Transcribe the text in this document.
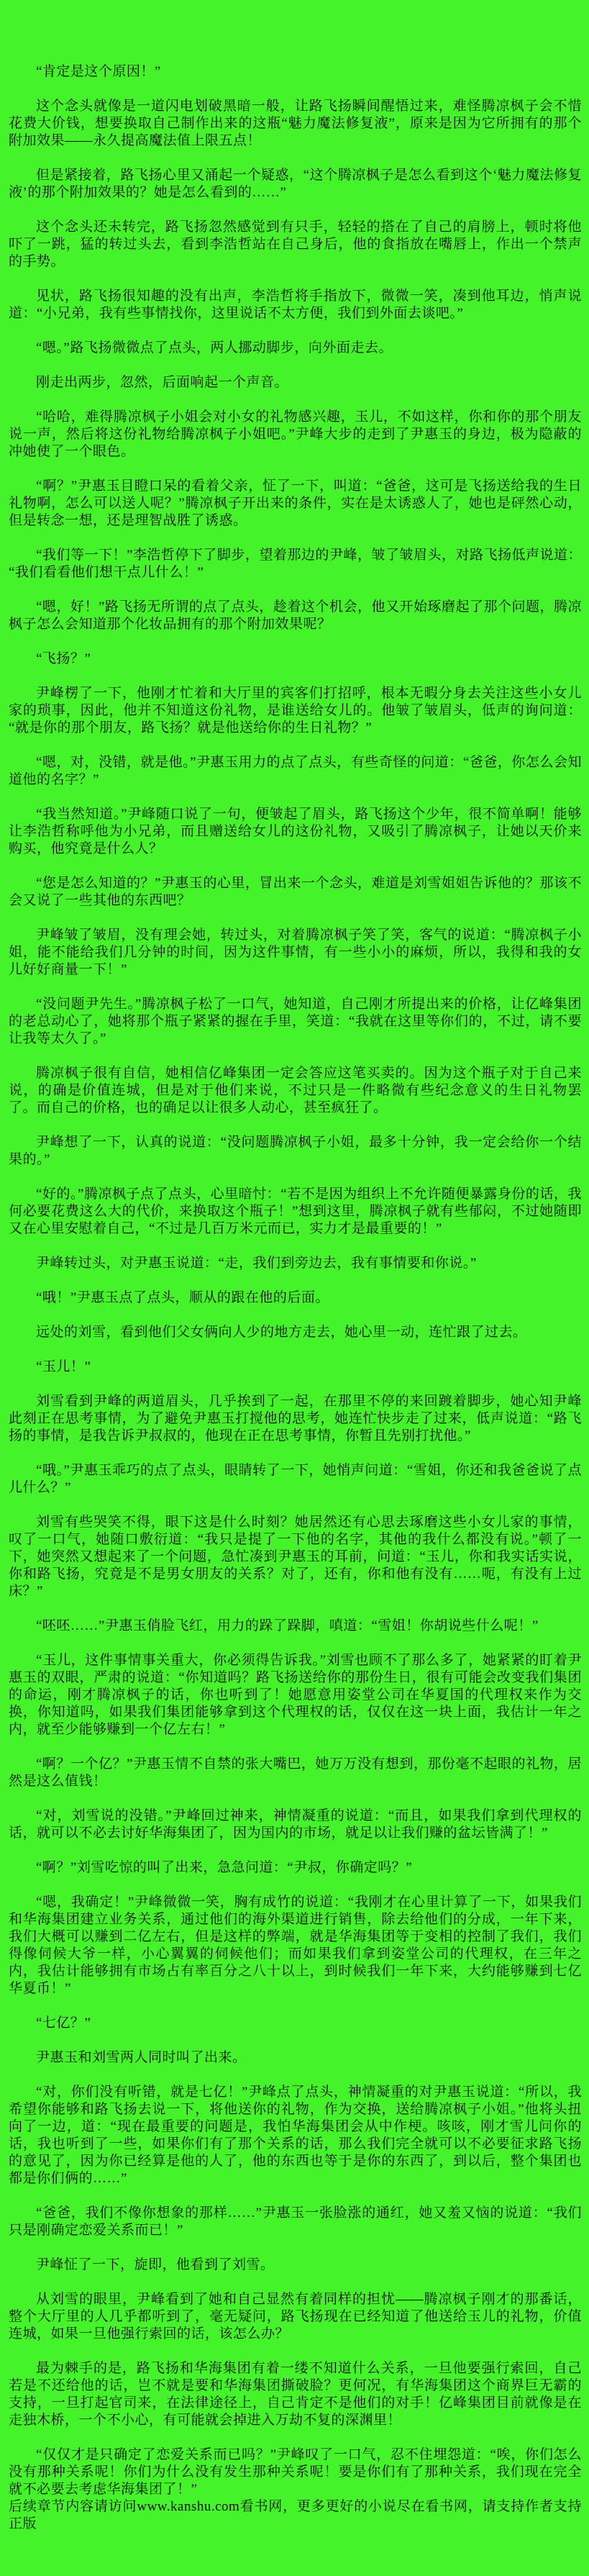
“肯定是这个原因！”

这个念头就像是一道闪电划破黑暗一般，让路飞扬瞬间醒悟过来，难怪腾凉枫子会不惜花费大价钱，想要换取自己制作出来的这瓶“魅力魔法修复液”，原来是因为它所拥有的那个附加效果——永久提高魔法值上限五点！

但是紧接着，路飞扬心里又涌起一个疑惑，“这个腾凉枫子是怎么看到这个‘魅力魔法修复液’的那个附加效果的？她是怎么看到的……”

这个念头还未转完，路飞扬忽然感觉到有只手，轻轻的搭在了自己的肩膀上，顿时将他吓了一跳，猛的转过头去，看到李浩哲站在自己身后，他的食指放在嘴唇上，作出一个禁声的手势。

见状，路飞扬很知趣的没有出声，李浩哲将手指放下，微微一笑，凑到他耳边，悄声说道：“小兄弟，我有些事情找你，这里说话不太方便，我们到外面去谈吧。”

“嗯。”路飞扬微微点了点头，两人挪动脚步，向外面走去。

刚走出两步，忽然，后面响起一个声音。

“哈哈，难得腾凉枫子小姐会对小女的礼物感兴趣，玉儿，不如这样，你和你的那个朋友说一声，然后将这份礼物给腾凉枫子小姐吧。”尹峰大步的走到了尹惠玉的身边，极为隐蔽的冲她使了一个眼色。

“啊？”尹惠玉目瞪口呆的看着父亲，怔了一下，叫道：“爸爸，这可是飞扬送给我的生日礼物啊，怎么可以送人呢？”腾凉枫子开出来的条件，实在是太诱惑人了，她也是砰然心动，但是转念一想，还是理智战胜了诱惑。

“我们等一下！”李浩哲停下了脚步，望着那边的尹峰，皱了皱眉头，对路飞扬低声说道：“我们看看他们想干点儿什么！”

“嗯，好！”路飞扬无所谓的点了点头，趁着这个机会，他又开始琢磨起了那个问题，腾凉枫子怎么会知道那个化妆品拥有的那个附加效果呢？

“飞扬？”

尹峰楞了一下，他刚才忙着和大厅里的宾客们打招呼，根本无暇分身去关注这些小女儿家的琐事，因此，他并不知道这份礼物，是谁送给女儿的。他皱了皱眉头，低声的询问道：“就是你的那个朋友，路飞扬？就是他送给你的生日礼物？”

“嗯，对，没错，就是他。”尹惠玉用力的点了点头，有些奇怪的问道：“爸爸，你怎么会知道他的名字？”

“我当然知道。”尹峰随口说了一句，便皱起了眉头，路飞扬这个少年，很不简单啊！能够让李浩哲称呼他为小兄弟，而且赠送给女儿的这份礼物，又吸引了腾凉枫子，让她以天价来购买，他究竟是什么人？

“您是怎么知道的？”尹惠玉的心里，冒出来一个念头，难道是刘雪姐姐告诉他的？那该不会又说了一些其他的东西吧？

尹峰皱了皱眉，没有理会她，转过头，对着腾凉枫子笑了笑，客气的说道：“腾凉枫子小姐，能不能给我们几分钟的时间，因为这件事情，有一些小小的麻烦，所以，我得和我的女儿好好商量一下！”

“没问题尹先生。”腾凉枫子松了一口气，她知道，自己刚才所提出来的价格，让亿峰集团的老总动心了，她将那个瓶子紧紧的握在手里，笑道：“我就在这里等你们的，不过，请不要让我等太久了。”

腾凉枫子很有自信，她相信亿峰集团一定会答应这笔买卖的。因为这个瓶子对于自己来说，的确是价值连城，但是对于他们来说，不过只是一件略微有些纪念意义的生日礼物罢了。而自己的价格，也的确足以让很多人动心，甚至疯狂了。

尹峰想了一下，认真的说道：“没问题腾凉枫子小姐，最多十分钟，我一定会给你一个结果的。”

“好的。”腾凉枫子点了点头，心里暗忖：“若不是因为组织上不允许随便暴露身份的话，我何必要花费这么大的代价，来换取这个瓶子！”想到这里，腾凉枫子就有些郁闷，不过她随即又在心里安慰着自己，“不过是几百万米元而已，实力才是最重要的！”

尹峰转过头，对尹惠玉说道：“走，我们到旁边去，我有事情要和你说。”

“哦！”尹惠玉点了点头，顺从的跟在他的后面。

远处的刘雪，看到他们父女俩向人少的地方走去，她心里一动，连忙跟了过去。

“玉儿！”

刘雪看到尹峰的两道眉头，几乎挨到了一起，在那里不停的来回踱着脚步，她心知尹峰此刻正在思考事情，为了避免尹惠玉打搅他的思考，她连忙快步走了过来，低声说道：“路飞扬的事情，是我告诉尹叔叔的，他现在正在思考事情，你暂且先别打扰他。”

“哦。”尹惠玉乖巧的点了点头，眼睛转了一下，她悄声问道：“雪姐，你还和我爸爸说了点儿什么？”

刘雪有些哭笑不得，眼下这是什么时刻？她居然还有心思去琢磨这些小女儿家的事情，叹了一口气，她随口敷衍道：“我只是提了一下他的名字，其他的我什么都没有说。”顿了一下，她突然又想起来了一个问题，急忙凑到尹惠玉的耳前，问道：“玉儿，你和我实话实说，你和路飞扬，究竟是不是男女朋友的关系？对了，还有，你和他有没有……呃，有没有上过床？”

“呸呸……”尹惠玉俏脸飞红，用力的跺了跺脚，嗔道：“雪姐！你胡说些什么呢！”

“玉儿，这件事情事关重大，你必须得告诉我。”刘雪也顾不了那么多了，她紧紧的盯着尹惠玉的双眼，严肃的说道：“你知道吗？路飞扬送给你的那份生日，很有可能会改变我们集团的命运，刚才腾凉枫子的话，你也听到了！她愿意用姿堂公司在华夏国的代理权来作为交换，你知道吗，如果我们集团能够拿到这个代理权的话，仅仅在这一块上面，我估计一年之内，就至少能够赚到一个亿左右！”

“啊？一个亿？”尹惠玉情不自禁的张大嘴巴，她万万没有想到，那份毫不起眼的礼物，居然是这么值钱！

“对，刘雪说的没错。”尹峰回过神来，神情凝重的说道：“而且，如果我们拿到代理权的话，就可以不必去讨好华海集团了，因为国内的市场，就足以让我们赚的盆坛皆满了！”

“啊？”刘雪吃惊的叫了出来，急急问道：“尹叔，你确定吗？”

“嗯，我确定！”尹峰微微一笑，胸有成竹的说道：“我刚才在心里计算了一下，如果我们和华海集团建立业务关系，通过他们的海外渠道进行销售，除去给他们的分成，一年下来，我们大概可以赚到二亿左右，但是这样的弊端，就是华海集团等于变相的控制了我们，我们得像伺候大爷一样，小心翼翼的伺候他们；而如果我们拿到姿堂公司的代理权，在三年之内，我估计能够拥有市场占有率百分之八十以上，到时候我们一年下来，大约能够赚到七亿华夏币！”

“七亿？”

尹惠玉和刘雪两人同时叫了出来。

“对，你们没有听错，就是七亿！”尹峰点了点头，神情凝重的对尹惠玉说道：“所以，我希望你能够和路飞扬去说一下，将他送你的礼物，作为交换，送给腾凉枫子小姐。”他将头扭向了一边，道：“现在最重要的问题是，我怕华海集团会从中作梗。咳咳，刚才雪儿问你的话，我也听到了一些，如果你们有了那个关系的话，那么我们完全就可以不必要征求路飞扬的意见了，因为你已经算是他的人了，他的东西也等于是你的东西了，到以后，整个集团也都是你们俩的……”

“爸爸，我们不像你想象的那样……”尹惠玉一张脸涨的通红，她又羞又恼的说道：“我们只是刚确定恋爱关系而已！”

尹峰怔了一下，旋即，他看到了刘雪。

从刘雪的眼里，尹峰看到了她和自己显然有着同样的担忧——腾凉枫子刚才的那番话，整个大厅里的人几乎都听到了，毫无疑问，路飞扬现在已经知道了他送给玉儿的礼物，价值连城，如果一旦他强行索回的话，该怎么办？

最为棘手的是，路飞扬和华海集团有着一缕不知道什么关系，一旦他要强行索回，自己若是不还给他的话，岂不就是要和华海集团撕破脸？更何况，有华海集团这个商界巨无霸的支持，一旦打起官司来，在法律途径上，自己肯定不是他们的对手！亿峰集团目前就像是在走独木桥，一个不小心，有可能就会掉进入万劫不复的深渊里！

“仅仅才是只确定了恋爱关系而已吗？”尹峰叹了一口气，忍不住埋怨道：“唉，你们怎么没有那种关系呢！你们为什么没有发生那种关系呢！要是你们有了那种关系，我们现在完全就不必要去考虑华海集团了！”

后续章节内容请访问www.kanshu.com看书网，更多更好的小说尽在看书网，请支持作者支持正版
